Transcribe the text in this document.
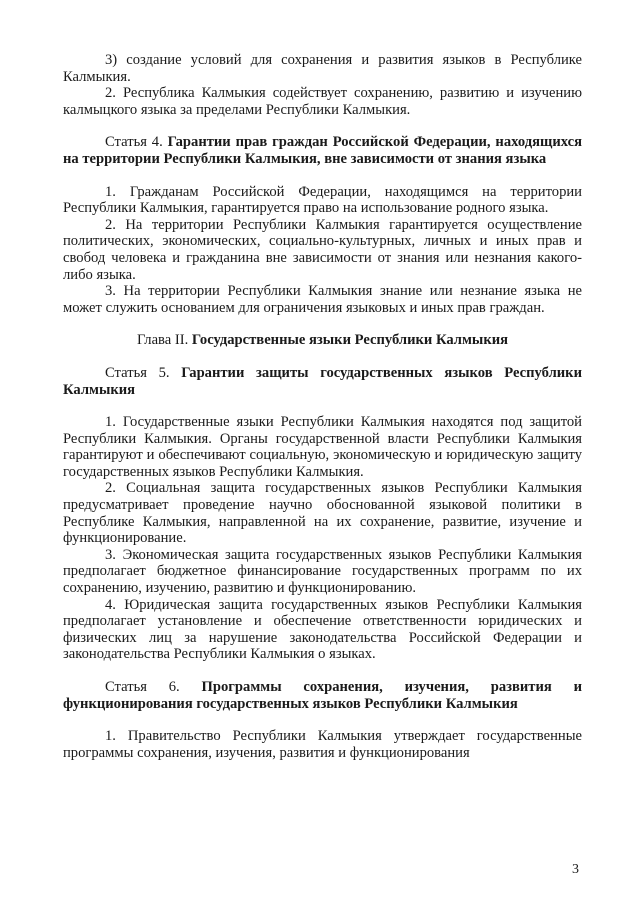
3) создание условий для сохранения и развития языков в Республике Калмыкия.

2. Республика Калмыкия содействует сохранению, развитию и изучению калмыцкого языка за пределами Республики Калмыкия.

Статья 4. Гарантии прав граждан Российской Федерации, находящихся на территории Республики Калмыкия, вне зависимости от знания языка

1. Гражданам Российской Федерации, находящимся на территории Республики Калмыкия, гарантируется право на использование родного языка.

2. На территории Республики Калмыкия гарантируется осуществление политических, экономических, социально-культурных, личных и иных прав и свобод человека и гражданина вне зависимости от знания или незнания какого-либо языка.

3. На территории Республики Калмыкия знание или незнание языка не может служить основанием для ограничения языковых и иных прав граждан.

Глава II. Государственные языки Республики Калмыкия

Статья 5. Гарантии защиты государственных языков Республики Калмыкия

1. Государственные языки Республики Калмыкия находятся под защитой Республики Калмыкия. Органы государственной власти Республики Калмыкия гарантируют и обеспечивают социальную, экономическую и юридическую защиту государственных языков Республики Калмыкия.

2. Социальная защита государственных языков Республики Калмыкия предусматривает проведение научно обоснованной языковой политики в Республике Калмыкия, направленной на их сохранение, развитие, изучение и функционирование.

3. Экономическая защита государственных языков Республики Калмыкия предполагает бюджетное финансирование государственных программ по их сохранению, изучению, развитию и функционированию.

4. Юридическая защита государственных языков Республики Калмыкия предполагает установление и обеспечение ответственности юридических и физических лиц за нарушение законодательства Российской Федерации и законодательства Республики Калмыкия о языках.

Статья 6. Программы сохранения, изучения, развития и функционирования государственных языков Республики Калмыкия

1. Правительство Республики Калмыкия утверждает государственные программы сохранения, изучения, развития и функционирования

3
